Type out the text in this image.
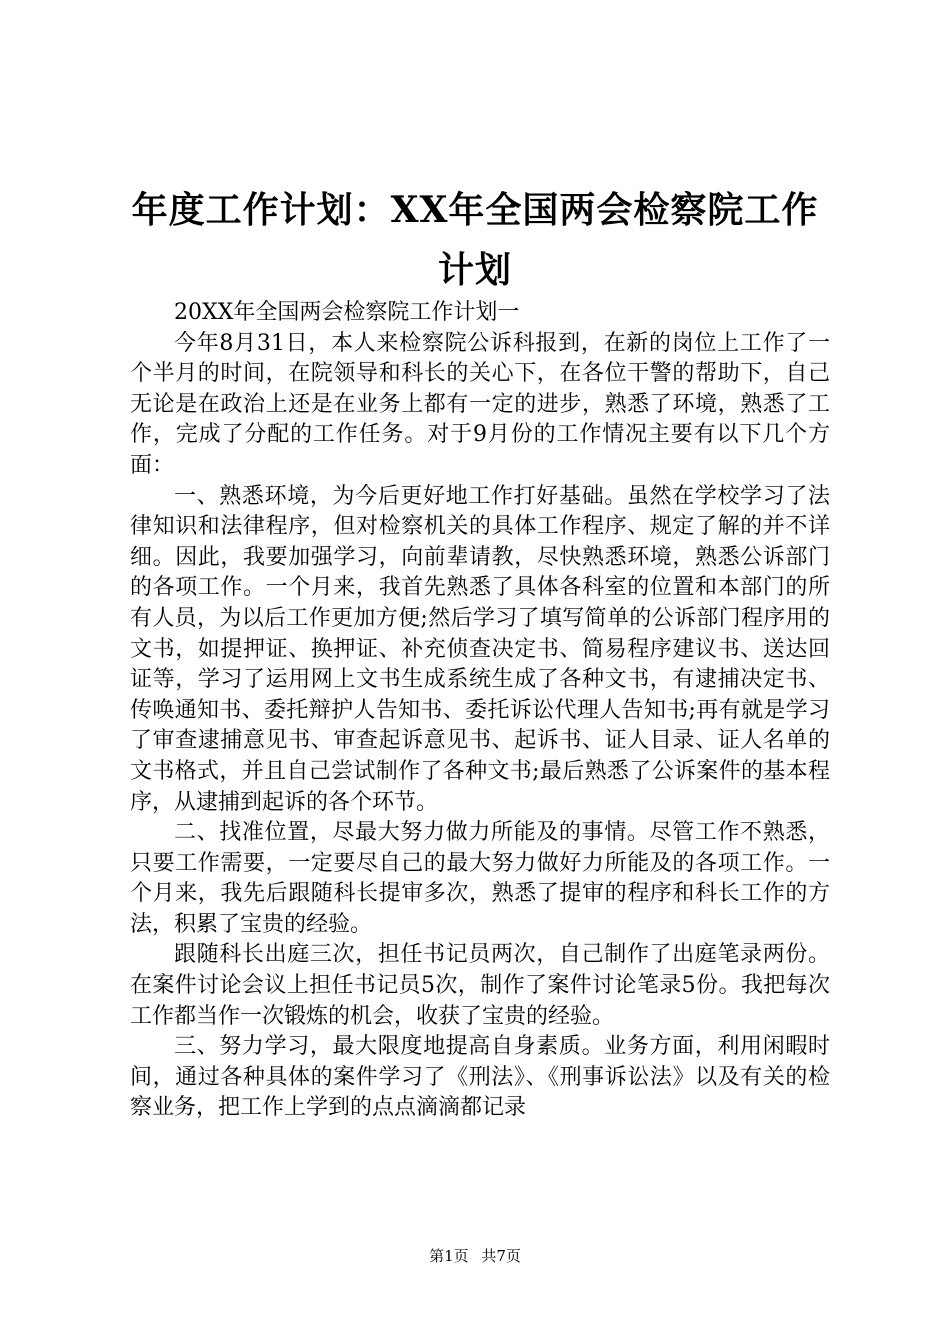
年度工作计划：XX年全国两会检察院工作计划

20XX年全国两会检察院工作计划一

今年8月31日，本人来检察院公诉科报到，在新的岗位上工作了一个半月的时间，在院领导和科长的关心下，在各位干警的帮助下，自己无论是在政治上还是在业务上都有一定的进步，熟悉了环境，熟悉了工作，完成了分配的工作任务。对于9月份的工作情况主要有以下几个方面：

一、熟悉环境，为今后更好地工作打好基础。虽然在学校学习了法律知识和法律程序，但对检察机关的具体工作程序、规定了解的并不详细。因此，我要加强学习，向前辈请教，尽快熟悉环境，熟悉公诉部门的各项工作。一个月来，我首先熟悉了具体各科室的位置和本部门的所有人员，为以后工作更加方便;然后学习了填写简单的公诉部门程序用的文书，如提押证、换押证、补充侦查决定书、简易程序建议书、送达回证等，学习了运用网上文书生成系统生成了各种文书，有逮捕决定书、传唤通知书、委托辩护人告知书、委托诉讼代理人告知书;再有就是学习了审查逮捕意见书、审查起诉意见书、起诉书、证人目录、证人名单的文书格式，并且自己尝试制作了各种文书;最后熟悉了公诉案件的基本程序，从逮捕到起诉的各个环节。

二、找准位置，尽最大努力做力所能及的事情。尽管工作不熟悉，只要工作需要，一定要尽自己的最大努力做好力所能及的各项工作。一个月来，我先后跟随科长提审多次，熟悉了提审的程序和科长工作的方法，积累了宝贵的经验。

跟随科长出庭三次，担任书记员两次，自己制作了出庭笔录两份。在案件讨论会议上担任书记员5次，制作了案件讨论笔录5份。我把每次工作都当作一次锻炼的机会，收获了宝贵的经验。

三、努力学习，最大限度地提高自身素质。业务方面，利用闲暇时间，通过各种具体的案件学习了《刑法》、《刑事诉讼法》以及有关的检察业务，把工作上学到的点点滴滴都记录

第1页 共7页
